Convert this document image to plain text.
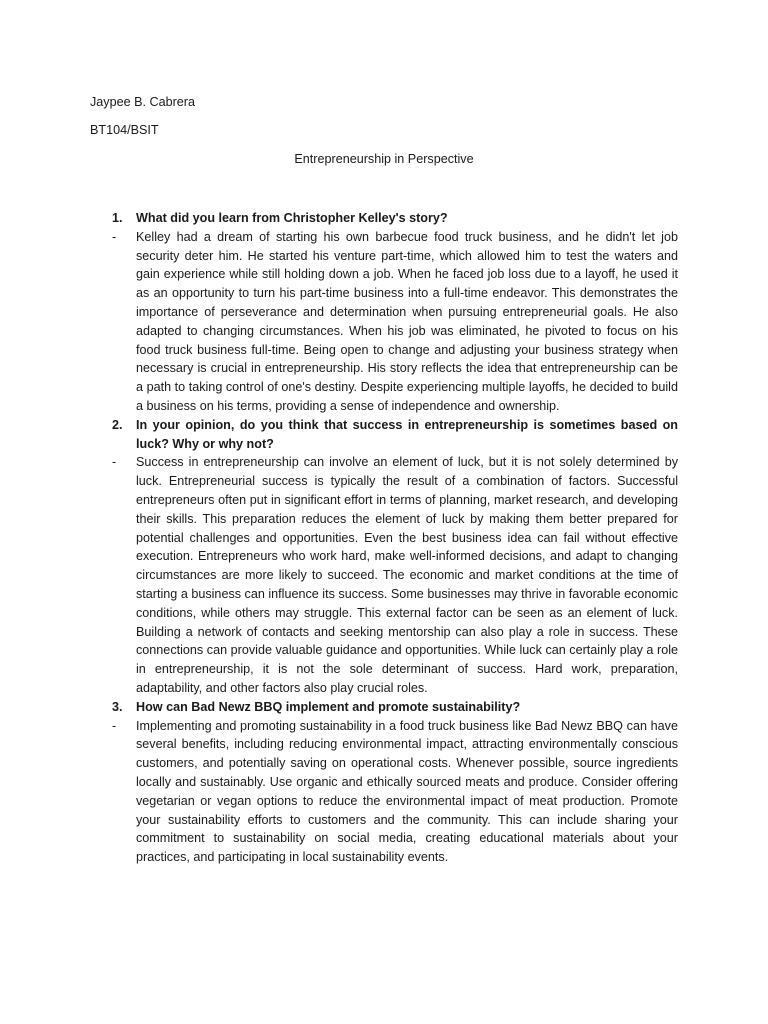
Jaypee B. Cabrera
BT104/BSIT
Entrepreneurship in Perspective
1.	What did you learn from Christopher Kelley's story?
-	Kelley had a dream of starting his own barbecue food truck business, and he didn't let job security deter him. He started his venture part-time, which allowed him to test the waters and gain experience while still holding down a job. When he faced job loss due to a layoff, he used it as an opportunity to turn his part-time business into a full-time endeavor. This demonstrates the importance of perseverance and determination when pursuing entrepreneurial goals. He also adapted to changing circumstances. When his job was eliminated, he pivoted to focus on his food truck business full-time. Being open to change and adjusting your business strategy when necessary is crucial in entrepreneurship. His story reflects the idea that entrepreneurship can be a path to taking control of one's destiny. Despite experiencing multiple layoffs, he decided to build a business on his terms, providing a sense of independence and ownership.
2.	In your opinion, do you think that success in entrepreneurship is sometimes based on luck? Why or why not?
-	Success in entrepreneurship can involve an element of luck, but it is not solely determined by luck. Entrepreneurial success is typically the result of a combination of factors. Successful entrepreneurs often put in significant effort in terms of planning, market research, and developing their skills. This preparation reduces the element of luck by making them better prepared for potential challenges and opportunities. Even the best business idea can fail without effective execution. Entrepreneurs who work hard, make well-informed decisions, and adapt to changing circumstances are more likely to succeed. The economic and market conditions at the time of starting a business can influence its success. Some businesses may thrive in favorable economic conditions, while others may struggle. This external factor can be seen as an element of luck. Building a network of contacts and seeking mentorship can also play a role in success. These connections can provide valuable guidance and opportunities. While luck can certainly play a role in entrepreneurship, it is not the sole determinant of success. Hard work, preparation, adaptability, and other factors also play crucial roles.
3.	How can Bad Newz BBQ implement and promote sustainability?
-	Implementing and promoting sustainability in a food truck business like Bad Newz BBQ can have several benefits, including reducing environmental impact, attracting environmentally conscious customers, and potentially saving on operational costs. Whenever possible, source ingredients locally and sustainably. Use organic and ethically sourced meats and produce. Consider offering vegetarian or vegan options to reduce the environmental impact of meat production. Promote your sustainability efforts to customers and the community. This can include sharing your commitment to sustainability on social media, creating educational materials about your practices, and participating in local sustainability events.
